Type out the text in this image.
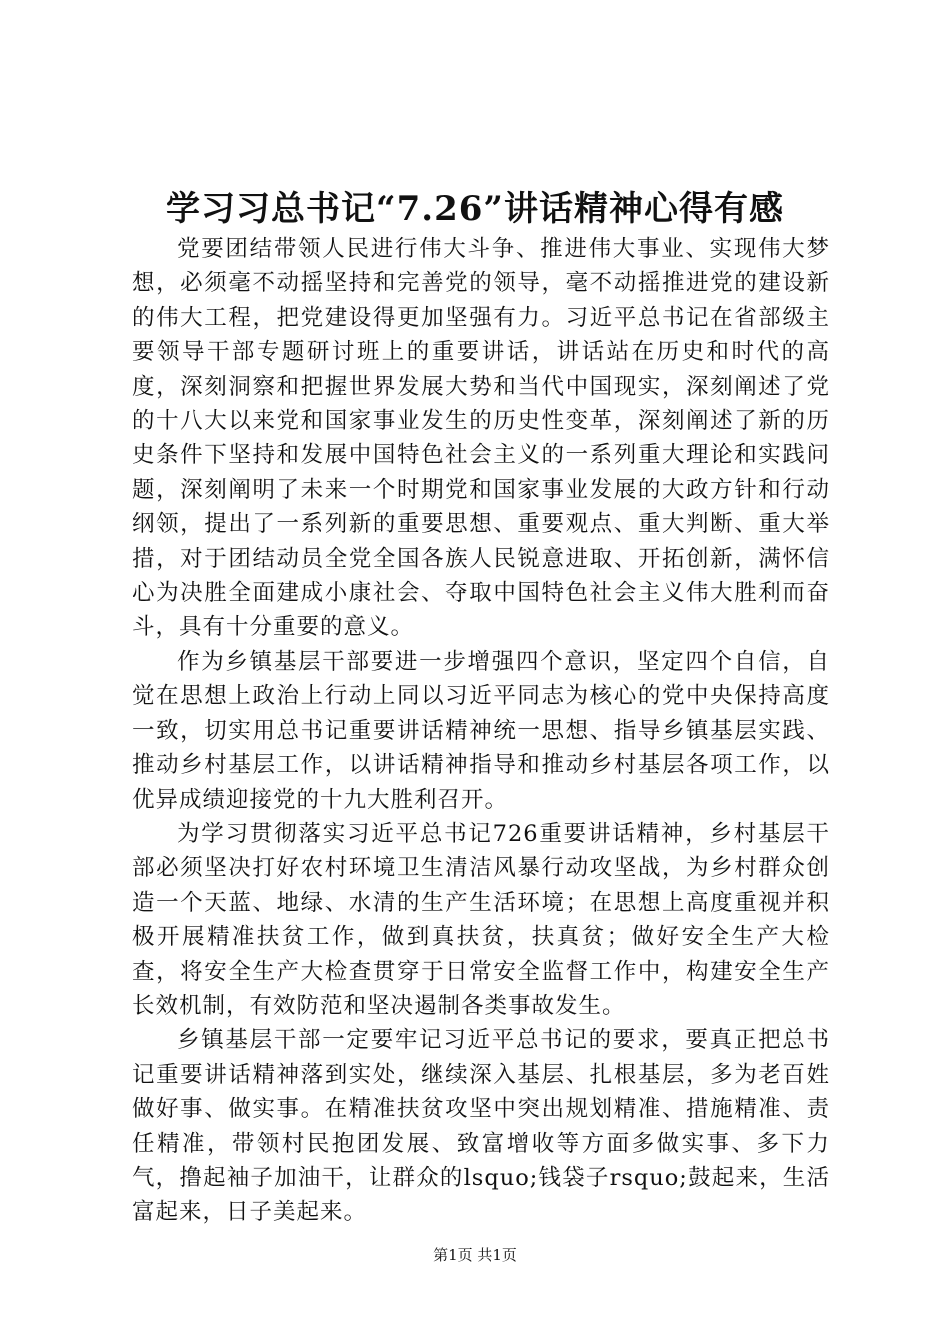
学习习总书记“7.26”讲话精神心得有感

党要团结带领人民进行伟大斗争、推进伟大事业、实现伟大梦想，必须毫不动摇坚持和完善党的领导，毫不动摇推进党的建设新的伟大工程，把党建设得更加坚强有力。习近平总书记在省部级主要领导干部专题研讨班上的重要讲话，讲话站在历史和时代的高度，深刻洞察和把握世界发展大势和当代中国现实，深刻阐述了党的十八大以来党和国家事业发生的历史性变革，深刻阐述了新的历史条件下坚持和发展中国特色社会主义的一系列重大理论和实践问题，深刻阐明了未来一个时期党和国家事业发展的大政方针和行动纲领，提出了一系列新的重要思想、重要观点、重大判断、重大举措，对于团结动员全党全国各族人民锐意进取、开拓创新，满怀信心为决胜全面建成小康社会、夺取中国特色社会主义伟大胜利而奋斗，具有十分重要的意义。

作为乡镇基层干部要进一步增强四个意识，坚定四个自信，自觉在思想上政治上行动上同以习近平同志为核心的党中央保持高度一致，切实用总书记重要讲话精神统一思想、指导乡镇基层实践、推动乡村基层工作，以讲话精神指导和推动乡村基层各项工作，以优异成绩迎接党的十九大胜利召开。

为学习贯彻落实习近平总书记726重要讲话精神，乡村基层干部必须坚决打好农村环境卫生清洁风暴行动攻坚战，为乡村群众创造一个天蓝、地绿、水清的生产生活环境；在思想上高度重视并积极开展精准扶贫工作，做到真扶贫，扶真贫；做好安全生产大检查，将安全生产大检查贯穿于日常安全监督工作中，构建安全生产长效机制，有效防范和坚决遏制各类事故发生。

乡镇基层干部一定要牢记习近平总书记的要求，要真正把总书记重要讲话精神落到实处，继续深入基层、扎根基层，多为老百姓做好事、做实事。在精准扶贫攻坚中突出规划精准、措施精准、责任精准，带领村民抱团发展、致富增收等方面多做实事、多下力气，撸起袖子加油干，让群众的lsquo;钱袋子rsquo;鼓起来，生活富起来，日子美起来。

第1页 共1页
